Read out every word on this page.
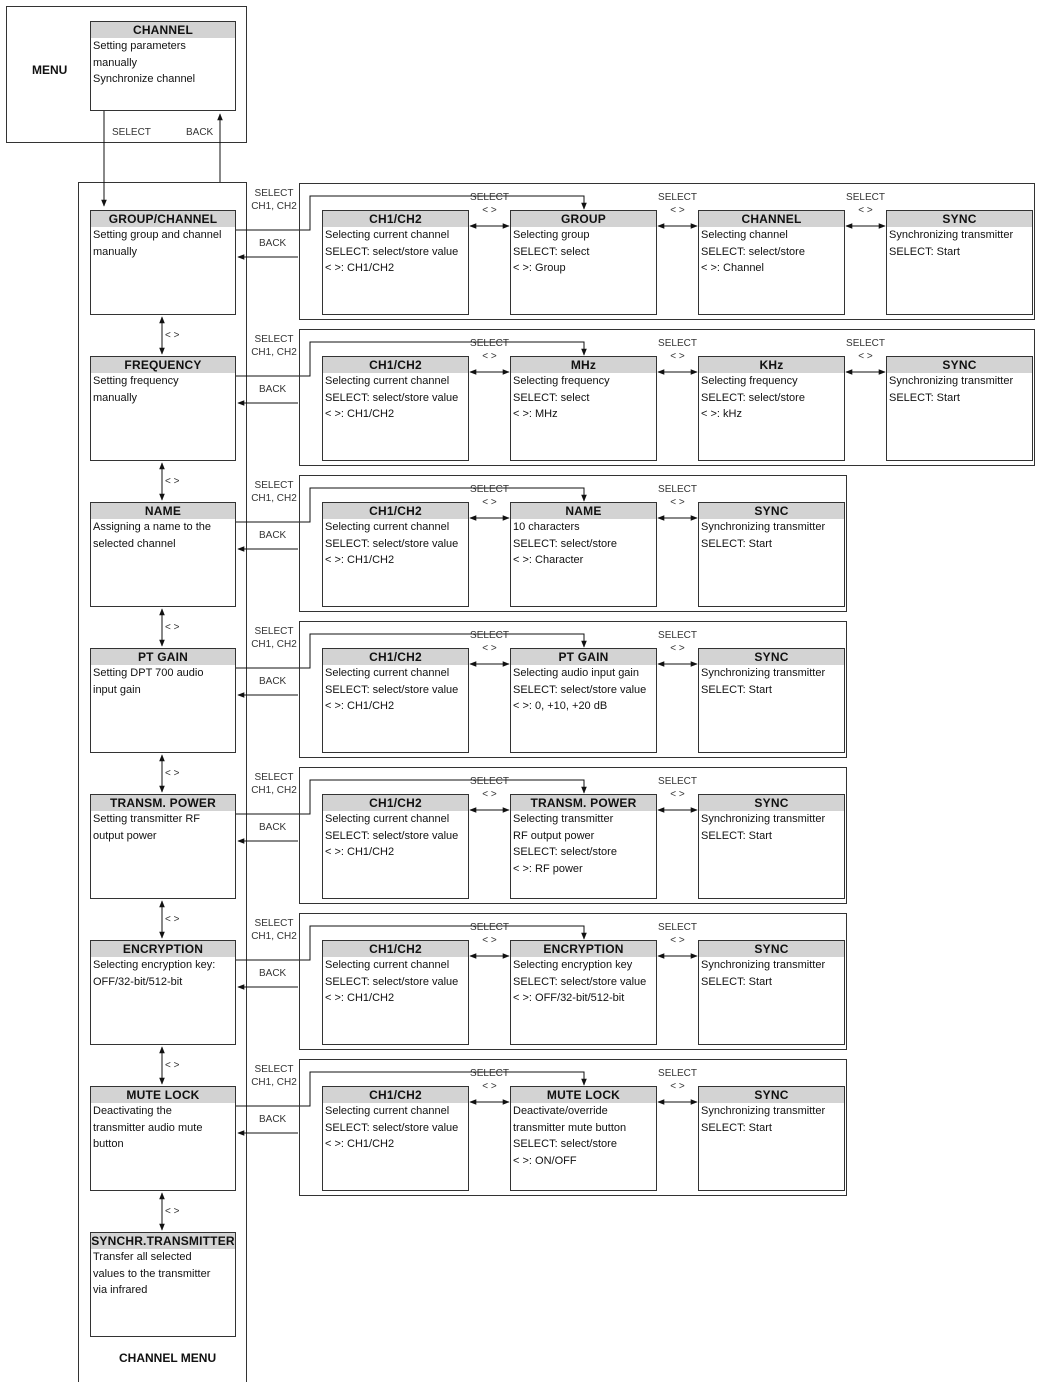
MENU
CHANNEL
Setting parameters
manually
Synchronize channel
SELECT	BACK
CHANNEL MENU
GROUP/CHANNEL
Setting group and channel
manually
< >
FREQUENCY
Setting frequency
manually
< >
NAME
Assigning a name to the
selected channel
< >
PT GAIN
Setting DPT 700 audio
input gain
< >
TRANSM. POWER
Setting transmitter RF
output power
< >
ENCRYPTION
Selecting encryption key:
OFF/32-bit/512-bit
< >
MUTE LOCK
Deactivating the
transmitter audio mute
button
< >
SYNCHR.TRANSMITTER
Transfer all selected
values to the transmitter
via infrared
CH1/CH2
Selecting current channel
SELECT: select/store value
< >: CH1/CH2
GROUP
Selecting group
SELECT: select
< >: Group
CHANNEL
Selecting channel
SELECT: select/store
< >: Channel
SYNC
Synchronizing transmitter
SELECT: Start
SELECT
< >
SELECT
< >
SELECT
< >
SELECT
CH1, CH2
BACK
CH1/CH2
Selecting current channel
SELECT: select/store value
< >: CH1/CH2
MHz
Selecting frequency
SELECT: select
< >: MHz
KHz
Selecting frequency
SELECT: select/store
< >: kHz
SYNC
Synchronizing transmitter
SELECT: Start
SELECT
< >
SELECT
< >
SELECT
< >
SELECT
CH1, CH2
BACK
CH1/CH2
Selecting current channel
SELECT: select/store value
< >: CH1/CH2
NAME
10 characters
SELECT: select/store
< >: Character
SYNC
Synchronizing transmitter
SELECT: Start
SELECT
< >
SELECT
< >
SELECT
CH1, CH2
BACK
CH1/CH2
Selecting current channel
SELECT: select/store value
< >: CH1/CH2
PT GAIN
Selecting audio input gain
SELECT: select/store value
< >: 0, +10, +20 dB
SYNC
Synchronizing transmitter
SELECT: Start
SELECT
< >
SELECT
< >
SELECT
CH1, CH2
BACK
CH1/CH2
Selecting current channel
SELECT: select/store value
< >: CH1/CH2
TRANSM. POWER
Selecting transmitter
RF output power
SELECT: select/store
< >: RF power
SYNC
Synchronizing transmitter
SELECT: Start
SELECT
< >
SELECT
< >
SELECT
CH1, CH2
BACK
CH1/CH2
Selecting current channel
SELECT: select/store value
< >: CH1/CH2
ENCRYPTION
Selecting encryption key
SELECT: select/store value
< >: OFF/32-bit/512-bit
SYNC
Synchronizing transmitter
SELECT: Start
SELECT
< >
SELECT
< >
SELECT
CH1, CH2
BACK
CH1/CH2
Selecting current channel
SELECT: select/store value
< >: CH1/CH2
MUTE LOCK
Deactivate/override
transmitter mute button
SELECT: select/store
< >: ON/OFF
SYNC
Synchronizing transmitter
SELECT: Start
SELECT
< >
SELECT
< >
SELECT
CH1, CH2
BACK
